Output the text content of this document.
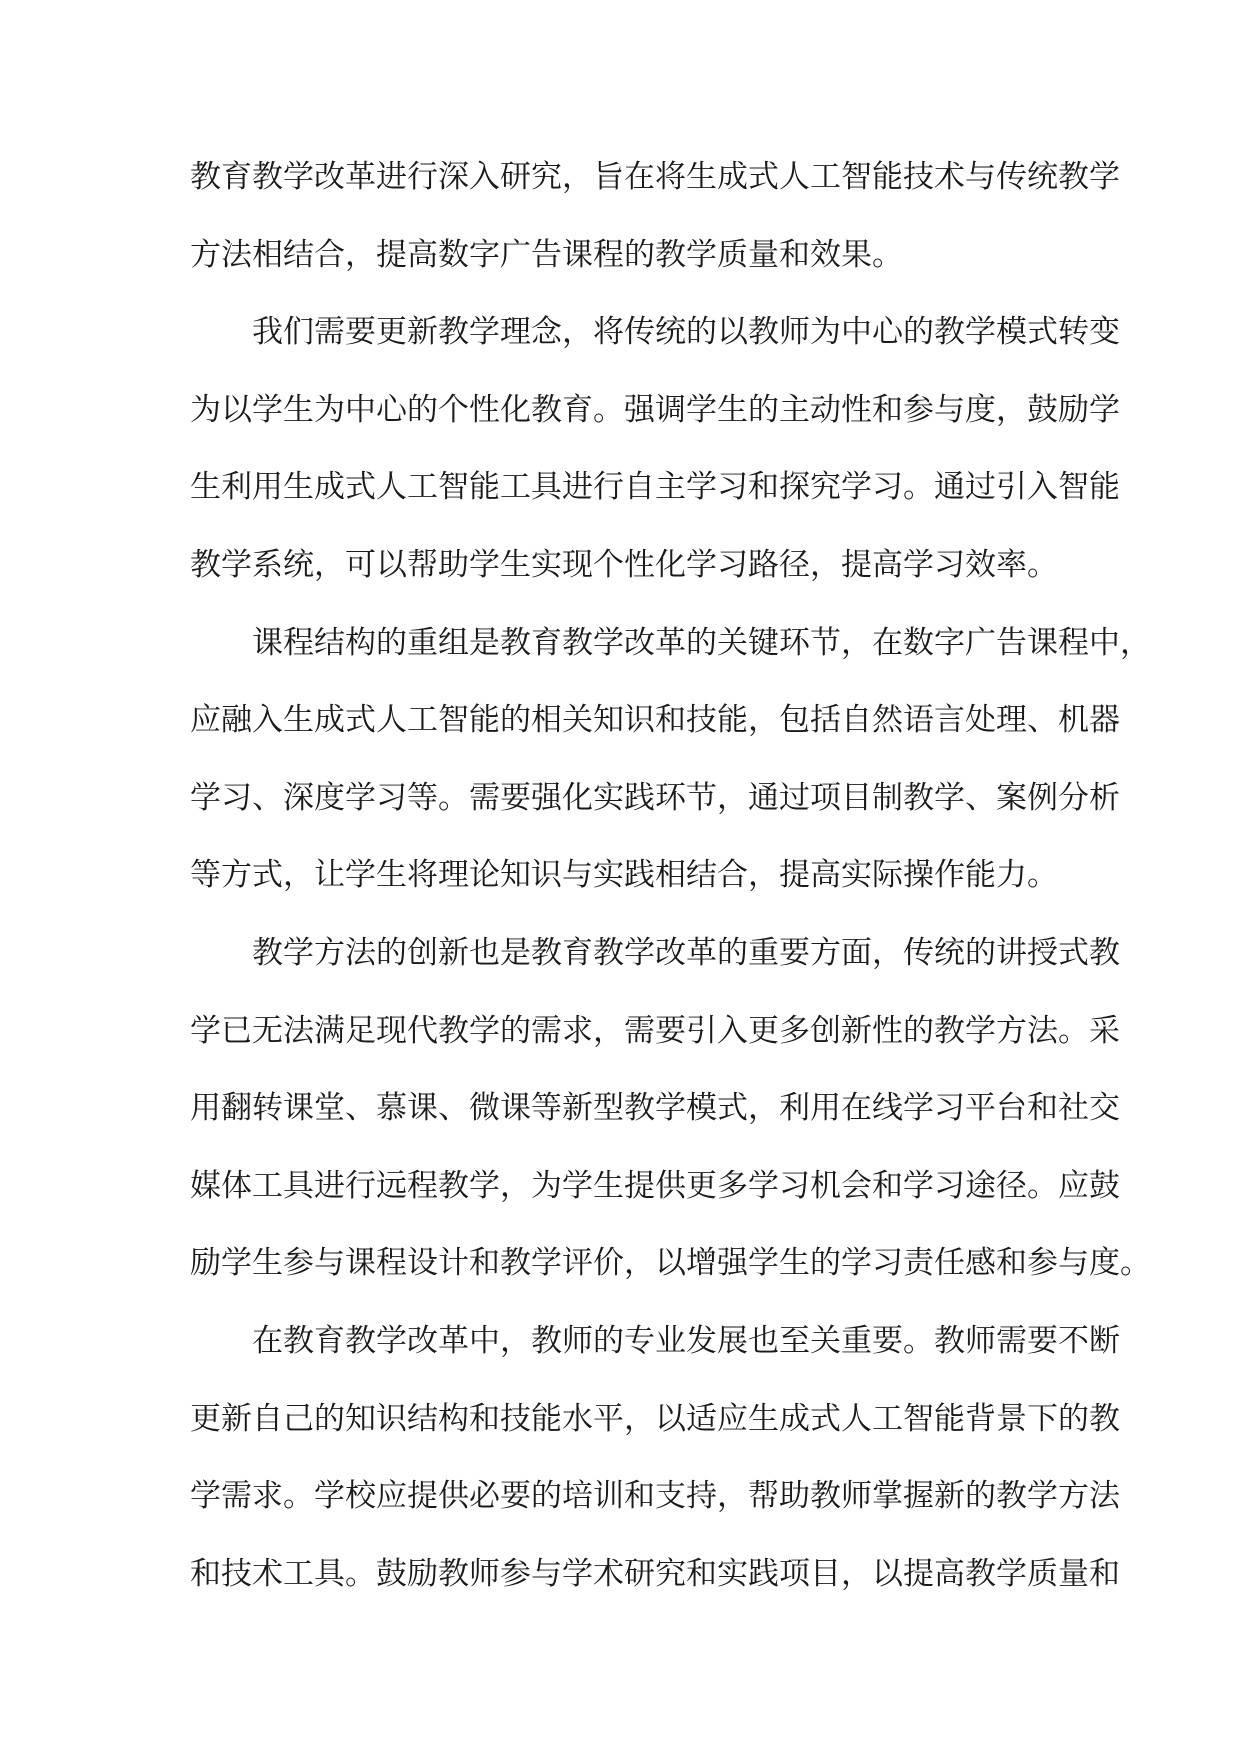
教育教学改革进行深入研究，旨在将生成式人工智能技术与传统教学
方法相结合，提高数字广告课程的教学质量和效果。
我们需要更新教学理念，将传统的以教师为中心的教学模式转变
为以学生为中心的个性化教育。强调学生的主动性和参与度，鼓励学
生利用生成式人工智能工具进行自主学习和探究学习。通过引入智能
教学系统，可以帮助学生实现个性化学习路径，提高学习效率。
课程结构的重组是教育教学改革的关键环节，在数字广告课程中，
应融入生成式人工智能的相关知识和技能，包括自然语言处理、机器
学习、深度学习等。需要强化实践环节，通过项目制教学、案例分析
等方式，让学生将理论知识与实践相结合，提高实际操作能力。
教学方法的创新也是教育教学改革的重要方面，传统的讲授式教
学已无法满足现代教学的需求，需要引入更多创新性的教学方法。采
用翻转课堂、慕课、微课等新型教学模式，利用在线学习平台和社交
媒体工具进行远程教学，为学生提供更多学习机会和学习途径。应鼓
励学生参与课程设计和教学评价，以增强学生的学习责任感和参与度。
在教育教学改革中，教师的专业发展也至关重要。教师需要不断
更新自己的知识结构和技能水平，以适应生成式人工智能背景下的教
学需求。学校应提供必要的培训和支持，帮助教师掌握新的教学方法
和技术工具。鼓励教师参与学术研究和实践项目，以提高教学质量和
